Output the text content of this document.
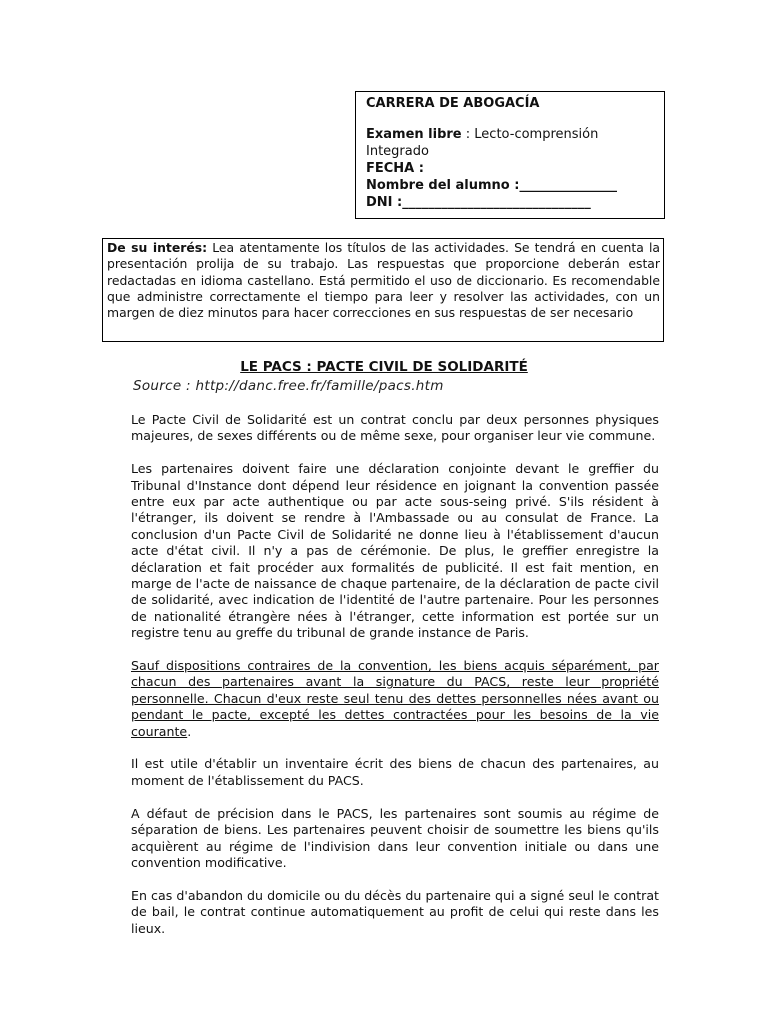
CARRERA DE ABOGACÍA
Examen libre : Lecto-comprensión
Integrado
FECHA :
Nombre del alumno :_______________
DNI :_____________________________
De su interés: Lea atentamente los títulos de las actividades. Se tendrá en cuenta la presentación prolija de su trabajo. Las respuestas que proporcione deberán estar redactadas en idioma castellano. Está permitido el uso de diccionario. Es recomendable que administre correctamente el tiempo para leer y resolver las actividades, con un margen de diez minutos para hacer correcciones en sus respuestas de ser necesario
LE PACS : PACTE CIVIL DE SOLIDARITÉ
Source : http://danc.free.fr/famille/pacs.htm

Le Pacte Civil de Solidarité est un contrat conclu par deux personnes physiques majeures, de sexes différents ou de même sexe, pour organiser leur vie commune.

Les partenaires doivent faire une déclaration conjointe devant le greffier du Tribunal d'Instance dont dépend leur résidence en joignant la convention passée entre eux par acte authentique ou par acte sous-seing privé. S'ils résident à l'étranger, ils doivent se rendre à l'Ambassade ou au consulat de France. La conclusion d'un Pacte Civil de Solidarité ne donne lieu à l'établissement d'aucun acte d'état civil. Il n'y a pas de cérémonie. De plus, le greffier enregistre la déclaration et fait procéder aux formalités de publicité. Il est fait mention, en marge de l'acte de naissance de chaque partenaire, de la déclaration de pacte civil de solidarité, avec indication de l'identité de l'autre partenaire. Pour les personnes de nationalité étrangère nées à l'étranger, cette information est portée sur un registre tenu au greffe du tribunal de grande instance de Paris.

Sauf dispositions contraires de la convention, les biens acquis séparément, par chacun des partenaires avant la signature du PACS, reste leur propriété personnelle. Chacun d'eux reste seul tenu des dettes personnelles nées avant ou pendant le pacte, excepté les dettes contractées pour les besoins de la vie courante.

Il est utile d'établir un inventaire écrit des biens de chacun des partenaires, au moment de l'établissement du PACS.

A défaut de précision dans le PACS, les partenaires sont soumis au régime de séparation de biens. Les partenaires peuvent choisir de soumettre les biens qu'ils acquièrent au régime de l'indivision dans leur convention initiale ou dans une convention modificative.

En cas d'abandon du domicile ou du décès du partenaire qui a signé seul le contrat de bail, le contrat continue automatiquement au profit de celui qui reste dans les lieux.
